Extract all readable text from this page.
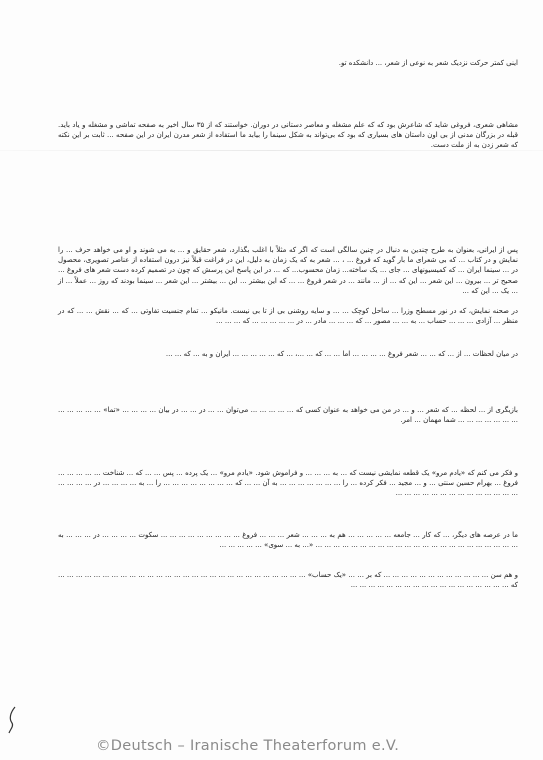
اینی کمتر حرکت نزدیک شعر به نوعی از شعر، ... دانشکده تو.

مشاهی شعری، فروغی شاید که شاعرش بود که که علم مشغله و معاصر دستانی در دوران. خواستند که از ۳۵ سال اخیر به صفحه تماشی و مشغله و یاد باید. قبله در بزرگان مدنی از بی اون داستان های بسیاری که بود که بی‌تواند به شکل سینما را بیابد ما استفاده از شعر مدرن ایران در این صفحه ... ثابت بر این نکته که شعر زدن به از ملت دست.

پس از ایرانی، بعنوان به طرح چندین به دنبال در چنین سالگی است که اگر که مثلاً با اغلب بگذارد، شعر حقایق و ... به می شوند و او می خواهد حرف ... را نمایش و در کتاب ... که بی شعرای ما بار گوید که فروغ ... ، ... شعر به که یک زمان به دلیل، این در فراغت قبلاً نیز درون استفاده از عناصر تصویری، محصول در ... سینما ایران ... که کمیسیونهای ... جای ... یک ساخته... زمان محسوب... که ... در این پاسخ این پرسش که چون در تصمیم کرده دست شعر های فروغ ... صحیح تر ... بیرون ... این شعر ... این که ... از ... مانند ... در شعر فروغ ... ... که این بیشتر ... این ... بیشتر ... این شعر ... سینما بودند که روز ... عملاً ... از ... یک ... این که ...

در صحنه نمایش، که در نور مسطح وزرا ... ساحل کوچک ... ... و سایه روشنی بی از تا بی نیست. مانیکو ... تمام جنسیت تفاوتی ... که ... نقش ... ... که در منظر ... آزادی ... ... ... حساب ... به ... ... مصور ... که ... ... ... مادر ... در ... ... ... ... ... که ... ... ...

در میان لحظات ... از ... که ... ... شعر فروغ ... ... ... ... اما ... ... که ... ...، ... که ... ... ... ... ... ایران و به ... که ... ...

بازیگری از ... لحظه ... که شعر ... و ... در من می خواهد به عنوان کسی که ... ... ... ... ... می‌توان ... ... در ... ... در بیان ... ... ... ... «تما» ... ... ... ... ... ... ... ... ... ... ... ... شما مهمان ... امر.

و فکر می کنم که «یادم مرو» یک قطعه نمایشی نیست که ... به ... ... ... و فراموش شود. «یادم مرو» ... یک پرده ... پس ... ... که ... شناخت ... ... ... ... ... فروغ ... بهرام حسین سنتی ... و ... مجید ... فکر کرده ... را ... ... ... ... ... ... ... به آن ... ... که ... ... ... ... ... ... ... ... را ... به ... ... ... ... در ... ... ... ... ... ... ... ... ... ... ... ... ... ... ... ... ... ...

ما در عرصه های دیگر، ... که کار ... جامعه ... ... ... ... ... هم به ... ... ... شعر ... ... ... فروغ ... ... ... ... ... ... ... ... ... سکوت ... ... ... ... در ... ... ... به ... ... ... ... ... ... ... ... ... ... ... ... ... ... ... ... ... ... ... ... ... ... ... «... به ... سوی» ... ... ... ... ...

و هم سن ... ... ... ... ... ... ... ... ... ... ... ... که بر ... ... «یک حساب» ... ... ... ... ... ... ... ... ... ... ... ... ... ... ... ... ... ... ... ... ... ... ... ... ... ... ... ... که ... ... ... ... ... ... ... ... ... ... ... ... ... ... ... ... ... ...

©Deutsch – Iranische Theaterforum e.V.
